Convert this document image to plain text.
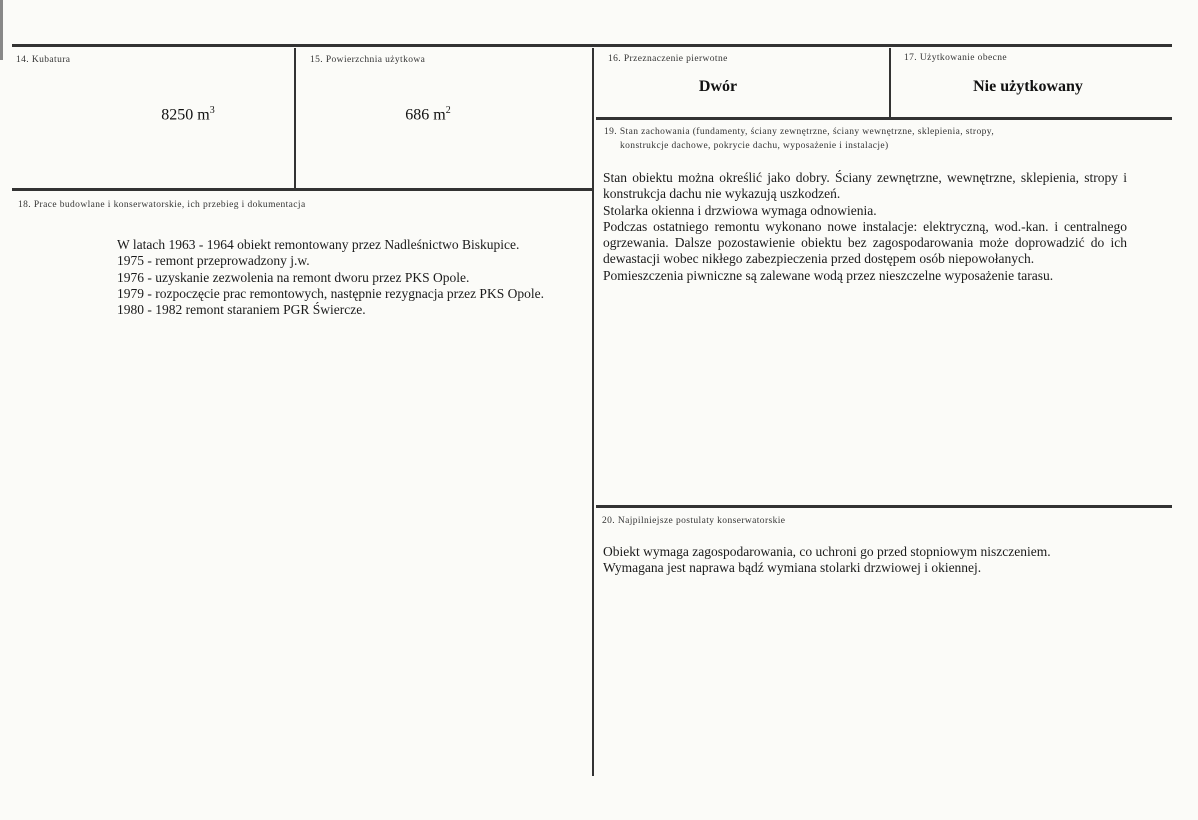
14. Kubatura
8250 $m^3$
15. Powierzchnia użytkowa
686 $m^2$
16. Przeznaczenie pierwotne
Dwór
17. Użytkowanie obecne
Nie użytkowany
18. Prace budowlane i konserwatorskie, ich przebieg i dokumentacja

W latach 1963 - 1964 obiekt remontowany przez Nadleśnictwo Biskupice.

1975 - remont przeprowadzony j.w.

1976 - uzyskanie zezwolenia na remont dworu przez PKS Opole.

1979 - rozpoczęcie prac remontowych, następnie rezygnacja przez PKS Opole.

1980 - 1982 remont staraniem PGR Świercze.

19. Stan zachowania (fundamenty, ściany zewnętrzne, ściany wewnętrzne, sklepienia, stropy,
konstrukcje dachowe, pokrycie dachu, wyposażenie i instalacje)

Stan obiektu można określić jako dobry. Ściany zewnętrzne, wewnętrzne, sklepienia, stropy i konstrukcja dachu nie wykazują uszkodzeń.

Stolarka okienna i drzwiowa wymaga odnowienia.

Podczas ostatniego remontu wykonano nowe instalacje: elektryczną, wod.-kan. i centralnego ogrzewania. Dalsze pozostawienie obiektu bez zagospodarowania może doprowadzić do ich dewastacji wobec nikłego zabezpieczenia przed dostępem osób niepowołanych.

Pomieszczenia piwniczne są zalewane wodą przez nieszczelne wyposażenie tarasu.

20. Najpilniejsze postulaty konserwatorskie

Obiekt wymaga zagospodarowania, co uchroni go przed stopniowym niszczeniem.

Wymagana jest naprawa bądź wymiana stolarki drzwiowej i okiennej.
